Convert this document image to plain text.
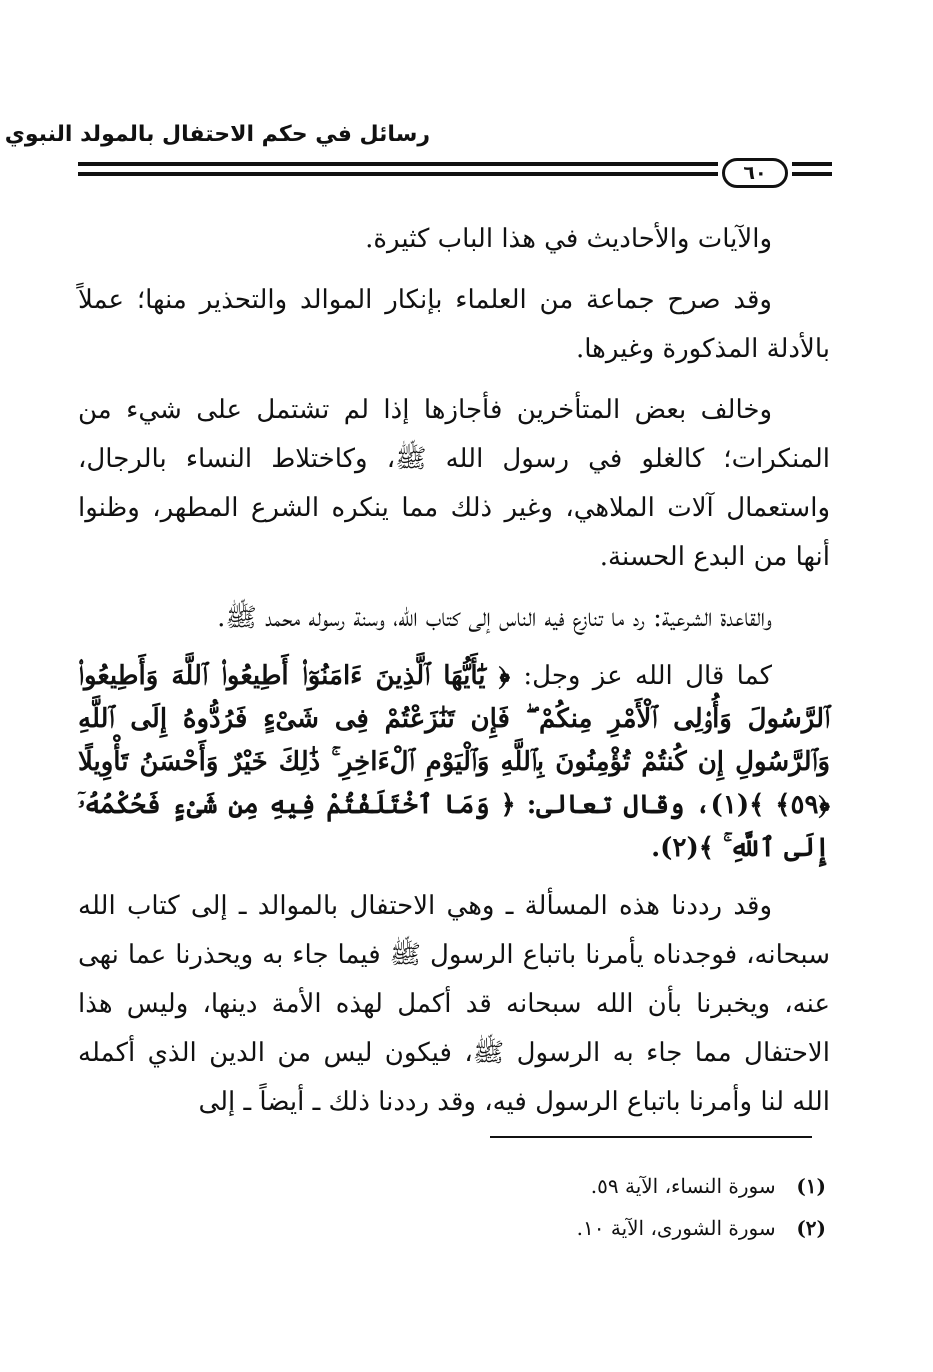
رسائل في حكم الاحتفال بالمولد النبوي
٦٠

والآيات والأحاديث في هذا الباب كثيرة.

وقد صرح جماعة من العلماء بإنكار الموالد والتحذير منها؛ عملاً بالأدلة المذكورة وغيرها.

وخالف بعض المتأخرين فأجازها إذا لم تشتمل على شيء من المنكرات؛ كالغلو في رسول الله ﷺ، وكاختلاط النساء بالرجال، واستعمال آلات الملاهي، وغير ذلك مما ينكره الشرع المطهر، وظنوا أنها من البدع الحسنة.

والقاعدة الشرعية: رد ما تنازع فيه الناس إلى كتاب الله، وسنة رسوله محمد ﷺ.

كما قال الله عز وجل: ﴿ يَٰٓأَيُّهَا ٱلَّذِينَ ءَامَنُوٓا۟ أَطِيعُوا۟ ٱللَّهَ وَأَطِيعُوا۟ ٱلرَّسُولَ وَأُو۟لِى ٱلْأَمْرِ مِنكُمْ ۖ فَإِن تَنَٰزَعْتُمْ فِى شَىْءٍ فَرُدُّوهُ إِلَى ٱللَّهِ وَٱلرَّسُولِ إِن كُنتُمْ تُؤْمِنُونَ بِٱللَّهِ وَٱلْيَوْمِ ٱلْءَاخِرِ ۚ ذَٰلِكَ خَيْرٌ وَأَحْسَنُ تَأْوِيلًا ﴿٥٩﴾ ﴾(١)، وقال تعالى: ﴿ وَمَا ٱخْتَلَفْتُمْ فِيهِ مِن شَىْءٍ فَحُكْمُهُۥٓ إِلَى ٱللَّهِ ۚ ﴾(٢).

وقد رددنا هذه المسألة ـ وهي الاحتفال بالموالد ـ إلى كتاب الله سبحانه، فوجدناه يأمرنا باتباع الرسول ﷺ فيما جاء به ويحذرنا عما نهى عنه، ويخبرنا بأن الله سبحانه قد أكمل لهذه الأمة دينها، وليس هذا الاحتفال مما جاء به الرسول ﷺ، فيكون ليس من الدين الذي أكمله الله لنا وأمرنا باتباع الرسول فيه، وقد رددنا ذلك ـ أيضاً ـ إلى

(١) سورة النساء، الآية ٥٩.
(٢) سورة الشورى، الآية ١٠.
